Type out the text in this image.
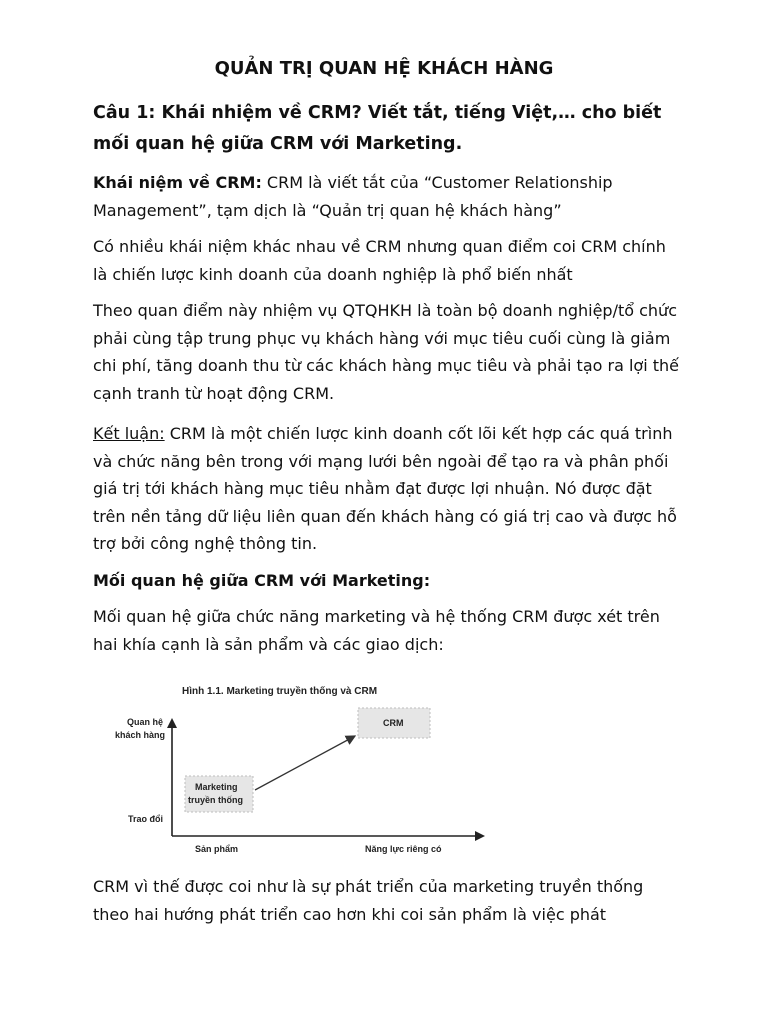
QUẢN TRỊ QUAN HỆ KHÁCH HÀNG
Câu 1: Khái nhiệm về CRM? Viết tắt, tiếng Việt,… cho biết mối quan hệ giữa CRM với Marketing.

Khái niệm về CRM: CRM là viết tắt của “Customer Relationship Management”, tạm dịch là “Quản trị quan hệ khách hàng”

Có nhiều khái niệm khác nhau về CRM nhưng quan điểm coi CRM chính là chiến lược kinh doanh của doanh nghiệp là phổ biến nhất

Theo quan điểm này nhiệm vụ QTQHKH là toàn bộ doanh nghiệp/tổ chức phải cùng tập trung phục vụ khách hàng với mục tiêu cuối cùng là giảm chi phí, tăng doanh thu từ các khách hàng mục tiêu và phải tạo ra lợi thế cạnh tranh từ hoạt động CRM.

Kết luận: CRM là một chiến lược kinh doanh cốt lõi kết hợp các quá trình và chức năng bên trong với mạng lưới bên ngoài để tạo ra và phân phối giá trị tới khách hàng mục tiêu nhằm đạt được lợi nhuận. Nó được đặt trên nền tảng dữ liệu liên quan đến khách hàng có giá trị cao và được hỗ trợ bởi công nghệ thông tin.

Mối quan hệ giữa CRM với Marketing:

Mối quan hệ giữa chức năng marketing và hệ thống CRM được xét trên hai khía cạnh là sản phẩm và các giao dịch:

Hình 1.1. Marketing truyền thống và CRM
Quan hệ
khách hàng
Trao đổi
Sản phẩm	Năng lực riêng có
CRM
Marketing
truyền thống

CRM vì thế được coi như là sự phát triển của marketing truyền thống theo hai hướng phát triển cao hơn khi coi sản phẩm là việc phát
